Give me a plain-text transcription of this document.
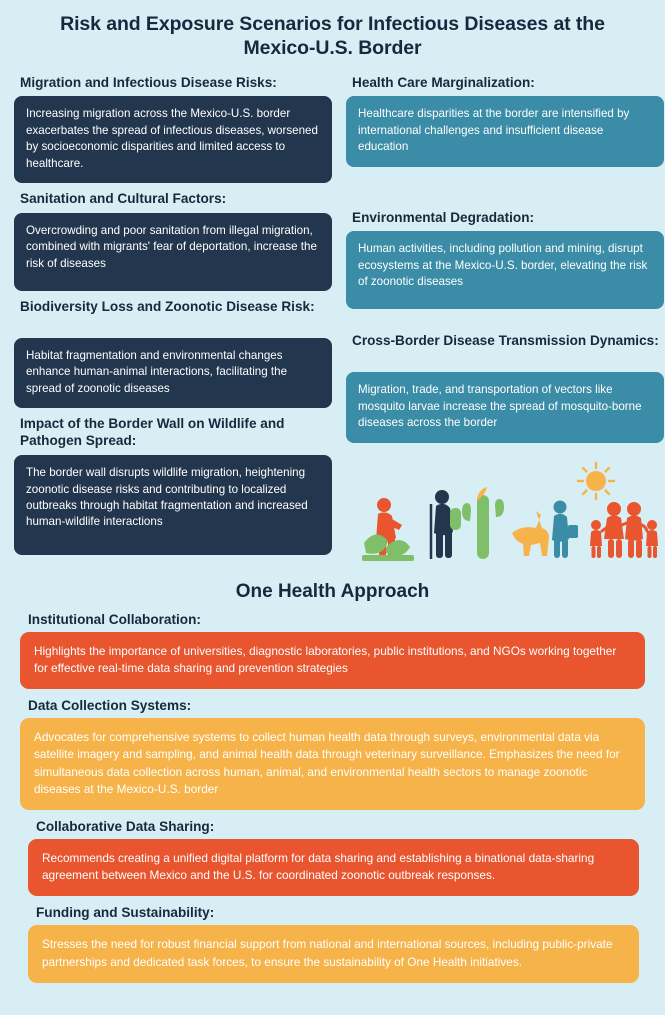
Risk and Exposure Scenarios for Infectious Diseases at the Mexico-U.S. Border
Migration and Infectious Disease Risks:
Increasing migration across the Mexico-U.S. border exacerbates the spread of infectious diseases, worsened by socioeconomic disparities and limited access to healthcare.
Sanitation and Cultural Factors:
Overcrowding and poor sanitation from illegal migration, combined with migrants' fear of deportation, increase the risk of diseases
Biodiversity Loss and Zoonotic Disease Risk:
Habitat fragmentation and environmental changes enhance human-animal interactions, facilitating the spread of zoonotic diseases
Impact of the Border Wall on Wildlife and Pathogen Spread:
The border wall disrupts wildlife migration, heightening zoonotic disease risks and contributing to localized outbreaks through habitat fragmentation and increased human-wildlife interactions
Health Care Marginalization:
Healthcare disparities at the border are intensified by international challenges and insufficient disease education
Environmental Degradation:
Human activities, including pollution and mining, disrupt ecosystems at the Mexico-U.S. border, elevating the risk of zoonotic diseases
Cross-Border Disease Transmission Dynamics:
Migration, trade, and transportation of vectors like mosquito larvae increase the spread of mosquito-borne diseases across the border
One Health Approach
Institutional Collaboration:
Highlights the importance of universities, diagnostic laboratories, public institutions, and NGOs working together for effective real-time data sharing and prevention strategies
Data Collection Systems:
Advocates for comprehensive systems to collect human health data through surveys, environmental data via satellite imagery and sampling, and animal health data through veterinary surveillance. Emphasizes the need for simultaneous data collection across human, animal, and environmental health sectors to manage zoonotic diseases at the Mexico-U.S. border
Collaborative Data Sharing:
Recommends creating a unified digital platform for data sharing and establishing a binational data-sharing agreement between Mexico and the U.S. for coordinated zoonotic outbreak responses.
Funding and Sustainability:
Stresses the need for robust financial support from national and international sources, including public-private partnerships and dedicated task forces, to ensure the sustainability of One Health initiatives.
